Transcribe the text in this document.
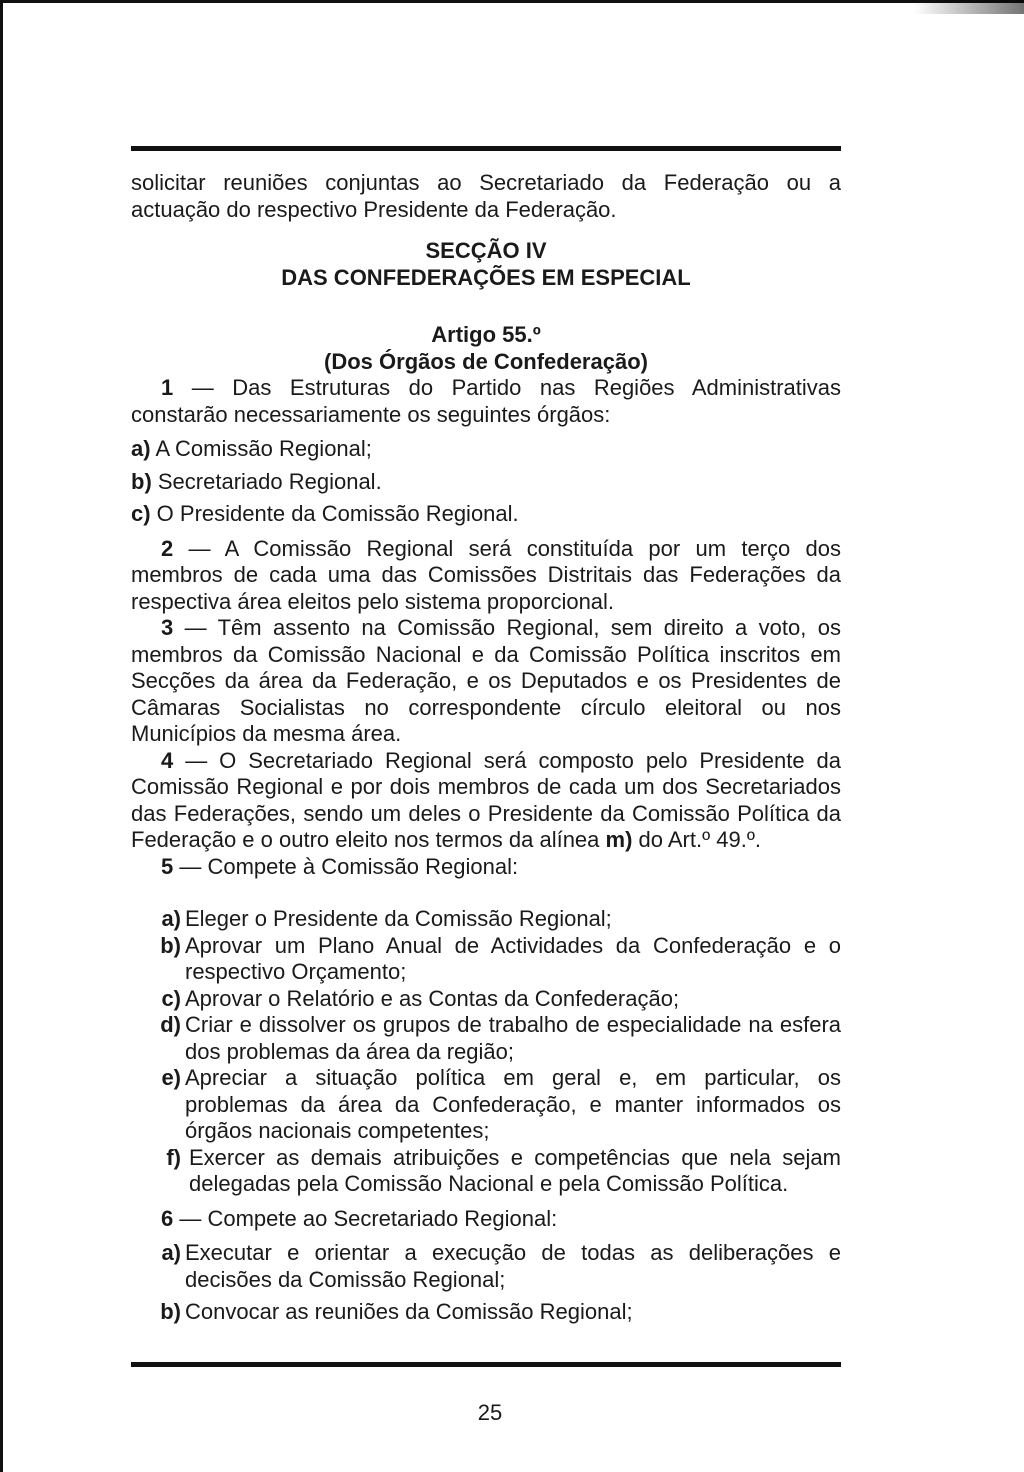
solicitar reuniões conjuntas ao Secretariado da Federação ou a actuação do respectivo Presidente da Federação.

SECÇÃO IV
DAS CONFEDERAÇÕES EM ESPECIAL

Artigo 55.º
(Dos Órgãos de Confederação)

1 — Das Estruturas do Partido nas Regiões Administrativas constarão necessariamente os seguintes órgãos:

a) A Comissão Regional;

b) Secretariado Regional.

c) O Presidente da Comissão Regional.

2 — A Comissão Regional será constituída por um terço dos membros de cada uma das Comissões Distritais das Federações da respectiva área eleitos pelo sistema proporcional.

3 — Têm assento na Comissão Regional, sem direito a voto, os membros da Comissão Nacional e da Comissão Política inscritos em Secções da área da Federação, e os Deputados e os Presidentes de Câmaras Socialistas no correspondente círculo eleitoral ou nos Municípios da mesma área.

4 — O Secretariado Regional será composto pelo Presidente da Comissão Regional e por dois membros de cada um dos Secretariados das Federações, sendo um deles o Presidente da Comissão Política da Federação e o outro eleito nos termos da alínea m) do Art.º 49.º.

5 — Compete à Comissão Regional:

a) Eleger o Presidente da Comissão Regional;
b) Aprovar um Plano Anual de Actividades da Confederação e o respectivo Orçamento;
c) Aprovar o Relatório e as Contas da Confederação;
d) Criar e dissolver os grupos de trabalho de especialidade na esfera dos problemas da área da região;
e) Apreciar a situação política em geral e, em particular, os problemas da área da Confederação, e manter informados os órgãos nacionais competentes;
f) Exercer as demais atribuições e competências que nela sejam delegadas pela Comissão Nacional e pela Comissão Política.

6 — Compete ao Secretariado Regional:

a) Executar e orientar a execução de todas as deliberações e decisões da Comissão Regional;
b) Convocar as reuniões da Comissão Regional;
25
